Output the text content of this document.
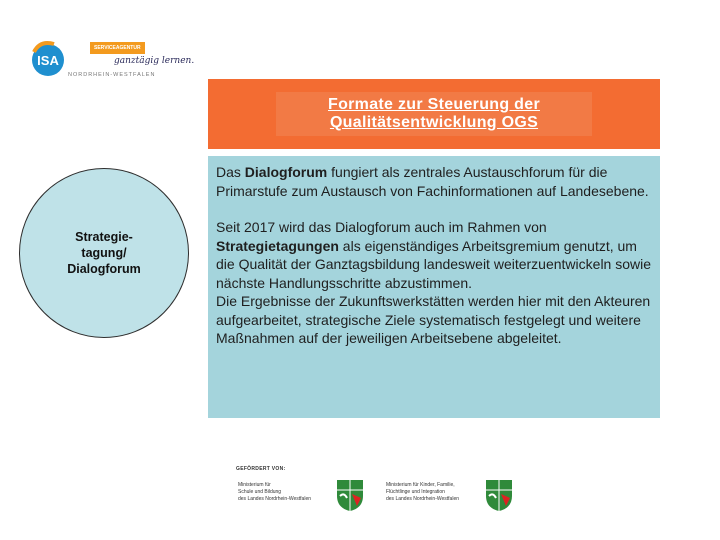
ISA
SERVICEAGENTUR
ganztägig lernen.
NORDRHEIN-WESTFALEN
Formate zur Steuerung der
Qualitätsentwicklung OGS
Strategie-
tagung/
Dialogforum

Das Dialogforum fungiert als zentrales Austauschforum für die Primarstufe zum Austausch von Fachinformationen auf Landesebene.

Seit 2017 wird das Dialogforum auch im Rahmen von Strategietagungen als eigenständiges Arbeitsgremium genutzt, um die Qualität der Ganztagsbildung landesweit weiterzuentwickeln sowie nächste Handlungsschritte abzustimmen.

Die Ergebnisse der Zukunftswerkstätten werden hier mit den Akteuren aufgearbeitet, strategische Ziele systematisch festgelegt und weitere Maßnahmen auf der jeweiligen Arbeitsebene abgeleitet.

GEFÖRDERT VON:
Ministerium für
Schule und Bildung
des Landes Nordrhein-Westfalen
Ministerium für Kinder, Familie,
Flüchtlinge und Integration
des Landes Nordrhein-Westfalen
